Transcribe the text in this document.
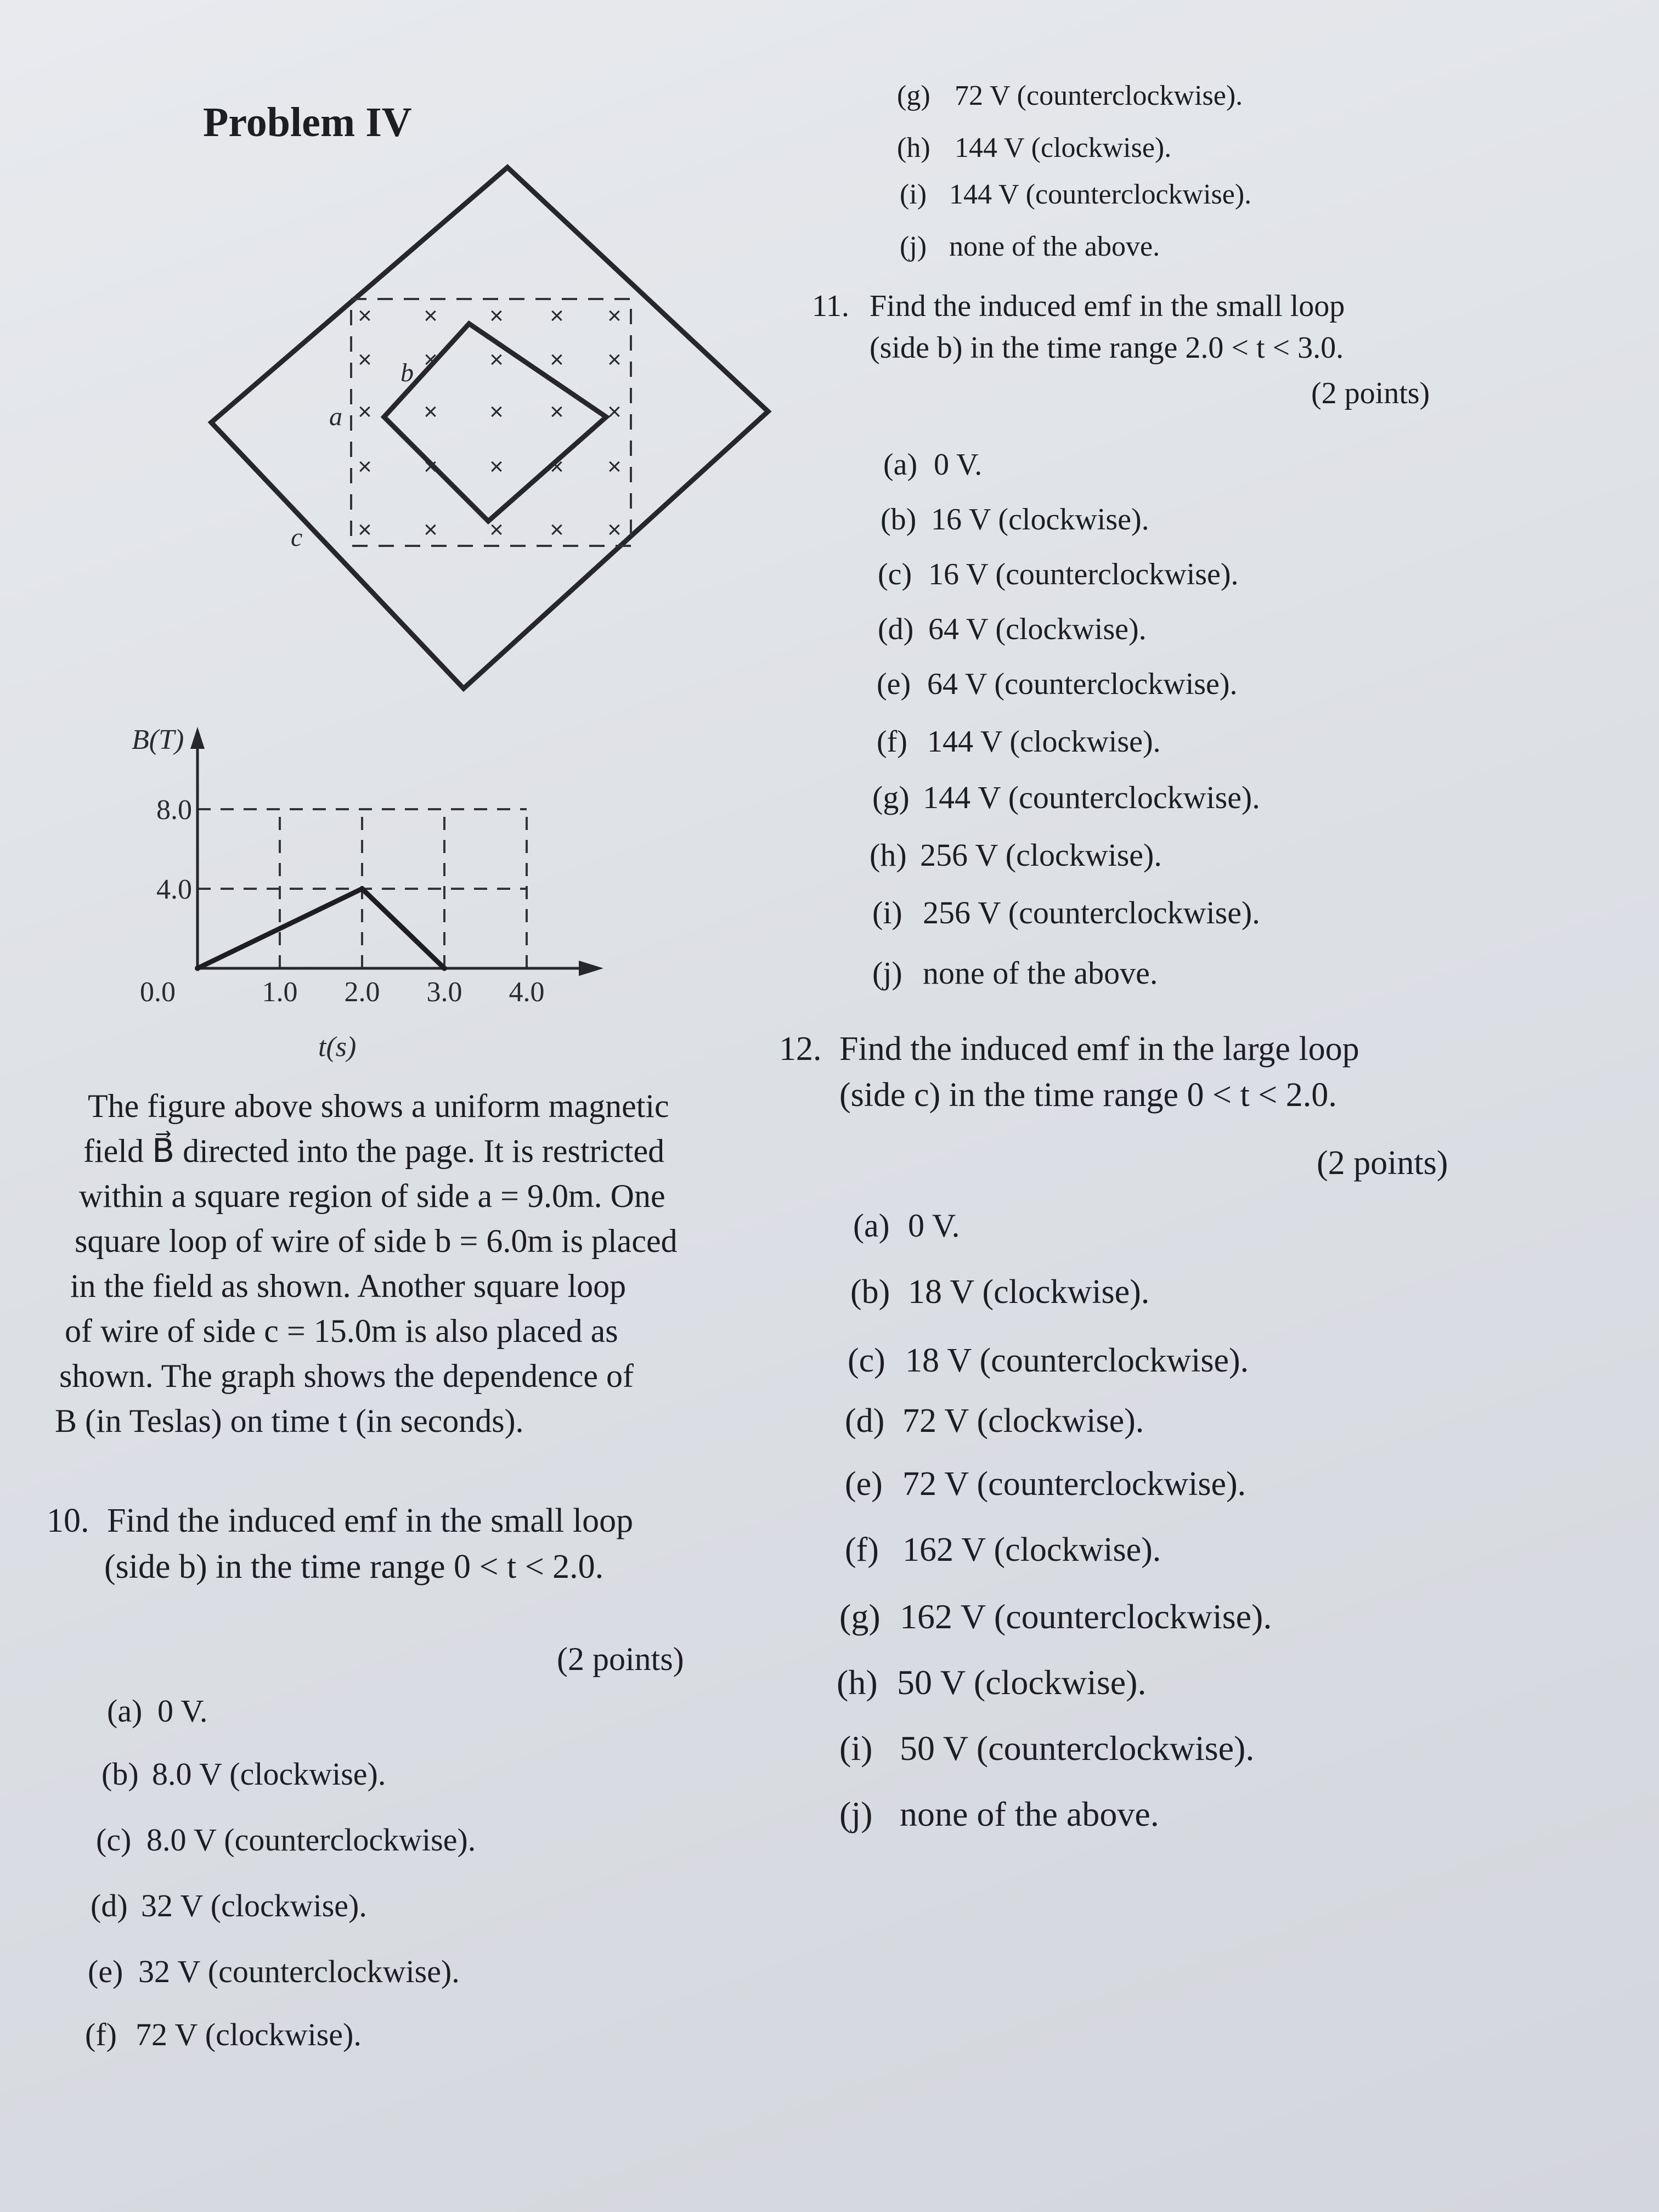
Problem IV
× × × × ×
× × × × ×
× × × × ×
× × × × ×
× × × × ×
b
a
c
1.0 2.0 3.0 4.0
0.0
4.0
8.0
B(T)
t(s)
The figure above shows a uniform magnetic
field B⃗ directed into the page. It is restricted
within a square region of side a = 9.0m. One
square loop of wire of side b = 6.0m is placed
in the field as shown. Another square loop
of wire of side c = 15.0m is also placed as
shown. The graph shows the dependence of
B (in Teslas) on time t (in seconds).
10. Find the induced emf in the small loop
(side b) in the time range 0 < t < 2.0.
(2 points)
(a) 0 V.
(b) 8.0 V (clockwise).
(c) 8.0 V (counterclockwise).
(d) 32 V (clockwise).
(e) 32 V (counterclockwise).
(f) 72 V (clockwise).
(g) 72 V (counterclockwise).
(h) 144 V (clockwise).
(i) 144 V (counterclockwise).
(j) none of the above.
11. Find the induced emf in the small loop
(side b) in the time range 2.0 < t < 3.0.
(2 points)
(a) 0 V.
(b) 16 V (clockwise).
(c) 16 V (counterclockwise).
(d) 64 V (clockwise).
(e) 64 V (counterclockwise).
(f) 144 V (clockwise).
(g) 144 V (counterclockwise).
(h) 256 V (clockwise).
(i) 256 V (counterclockwise).
(j) none of the above.
12. Find the induced emf in the large loop
(side c) in the time range 0 < t < 2.0.
(2 points)
(a) 0 V.
(b) 18 V (clockwise).
(c) 18 V (counterclockwise).
(d) 72 V (clockwise).
(e) 72 V (counterclockwise).
(f) 162 V (clockwise).
(g) 162 V (counterclockwise).
(h) 50 V (clockwise).
(i) 50 V (counterclockwise).
(j) none of the above.
